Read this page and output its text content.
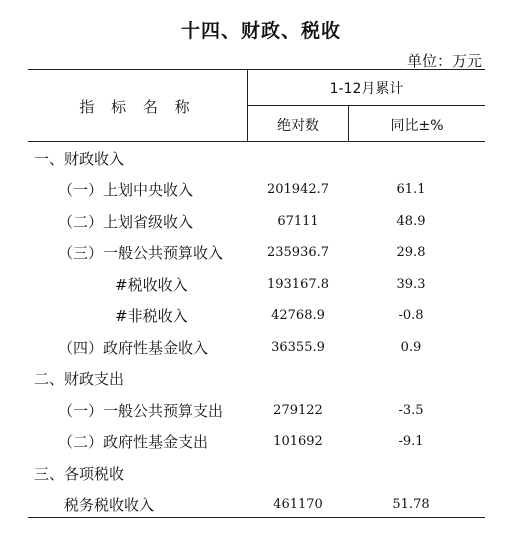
十四、财政、税收
单位：万元
指 标 名 称
1-12月累计
绝对数	同比±%
一、财政收入
（一）上划中央收入	201942.7	61.1
（二）上划省级收入	67111	48.9
（三）一般公共预算收入	235936.7	29.8
#税收收入	193167.8	39.3
#非税收入	42768.9	-0.8
（四）政府性基金收入	36355.9	0.9
二、财政支出
（一）一般公共预算支出	279122	-3.5
（二）政府性基金支出	101692	-9.1
三、各项税收
税务税收收入	461170	51.78
